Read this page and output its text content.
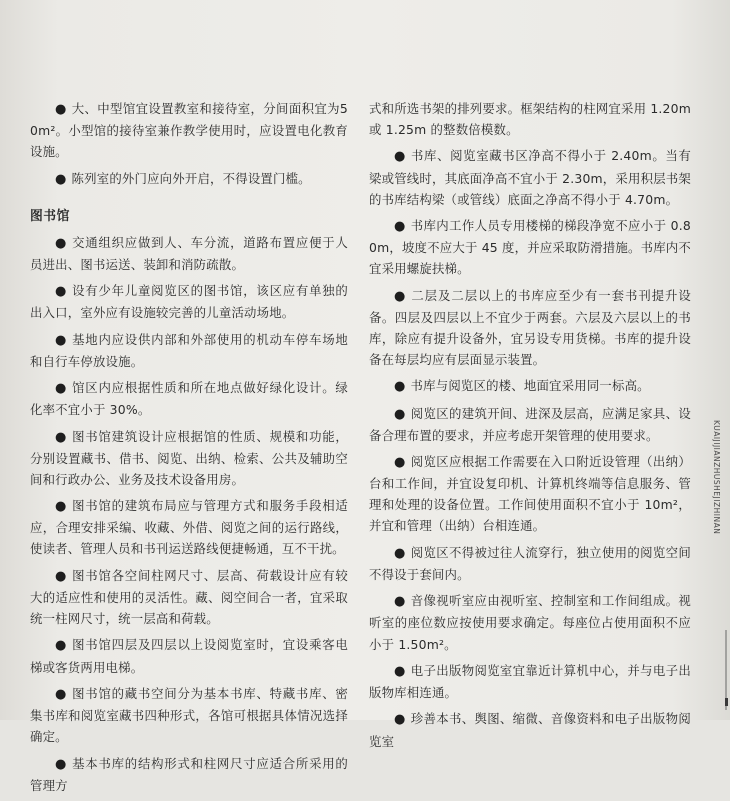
● 大、中型馆宜设置教室和接待室，分间面积宜为50m²。小型馆的接待室兼作教学使用时，应设置电化教育设施。

● 陈列室的外门应向外开启，不得设置门槛。

图书馆

● 交通组织应做到人、车分流，道路布置应便于人员进出、图书运送、装卸和消防疏散。

● 设有少年儿童阅览区的图书馆，该区应有单独的出入口，室外应有设施较完善的儿童活动场地。

● 基地内应设供内部和外部使用的机动车停车场地和自行车停放设施。

● 馆区内应根据性质和所在地点做好绿化设计。绿化率不宜小于 30%。

● 图书馆建筑设计应根据馆的性质、规模和功能，分别设置藏书、借书、阅览、出纳、检索、公共及辅助空间和行政办公、业务及技术设备用房。

● 图书馆的建筑布局应与管理方式和服务手段相适应，合理安排采编、收藏、外借、阅览之间的运行路线，使读者、管理人员和书刊运送路线便捷畅通，互不干扰。

● 图书馆各空间柱网尺寸、层高、荷载设计应有较大的适应性和使用的灵活性。藏、阅空间合一者，宜采取统一柱网尺寸，统一层高和荷载。

● 图书馆四层及四层以上设阅览室时，宜设乘客电梯或客货两用电梯。

● 图书馆的藏书空间分为基本书库、特藏书库、密集书库和阅览室藏书四种形式，各馆可根据具体情况选择确定。

● 基本书库的结构形式和柱网尺寸应适合所采用的管理方

式和所选书架的排列要求。框架结构的柱网宜采用 1.20m 或 1.25m 的整数倍模数。

● 书库、阅览室藏书区净高不得小于 2.40m。当有梁或管线时，其底面净高不宜小于 2.30m，采用积层书架的书库结构梁（或管线）底面之净高不得小于 4.70m。

● 书库内工作人员专用楼梯的梯段净宽不应小于 0.80m，坡度不应大于 45 度，并应采取防滑措施。书库内不宜采用螺旋扶梯。

● 二层及二层以上的书库应至少有一套书刊提升设备。四层及四层以上不宜少于两套。六层及六层以上的书库，除应有提升设备外，宜另设专用货梯。书库的提升设备在每层均应有层面显示装置。

● 书库与阅览区的楼、地面宜采用同一标高。

● 阅览区的建筑开间、进深及层高，应满足家具、设备合理布置的要求，并应考虑开架管理的使用要求。

● 阅览区应根据工作需要在入口附近设管理（出纳）台和工作间，并宜设复印机、计算机终端等信息服务、管理和处理的设备位置。工作间使用面积不宜小于 10m²，并宜和管理（出纳）台相连通。

● 阅览区不得被过往人流穿行，独立使用的阅览空间不得设于套间内。

● 音像视听室应由视听室、控制室和工作间组成。视听室的座位数应按使用要求确定。每座位占使用面积不应小于 1.50m²。

● 电子出版物阅览室宜靠近计算机中心，并与电子出版物库相连通。

● 珍善本书、舆图、缩微、音像资料和电子出版物阅览室

KUAIJIJIANZHUSHEJIZHINAN
